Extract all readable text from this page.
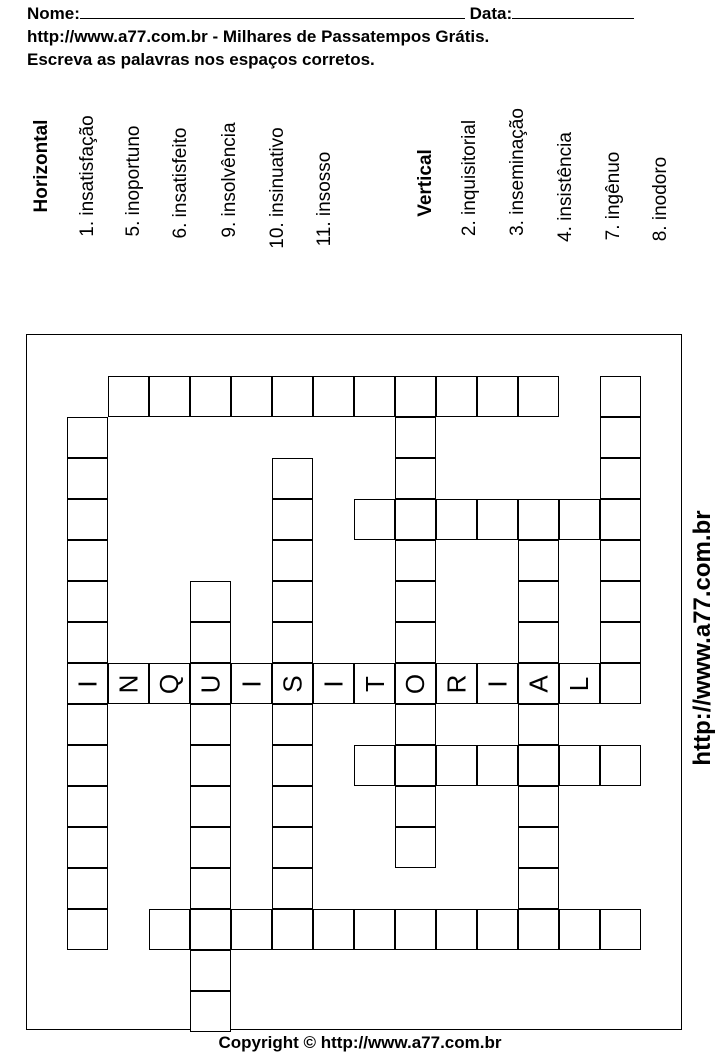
Nome:	Data:
http://www.a77.com.br - Milhares de Passatempos Grátis.
Escreva as palavras nos espaços corretos.
Horizontal 1. insatisfação 5. inoportuno 6. insatisfeito 9. insolvência 10. insinuativo 11. insosso	Vertical 2. inquisitorial 3. inseminação 4. insistência 7. ingênuo 8. inodoro
I	O
S	A
U
N Q I I T R I L	http://www.a77.com.br
Copyright © http://www.a77.com.br
